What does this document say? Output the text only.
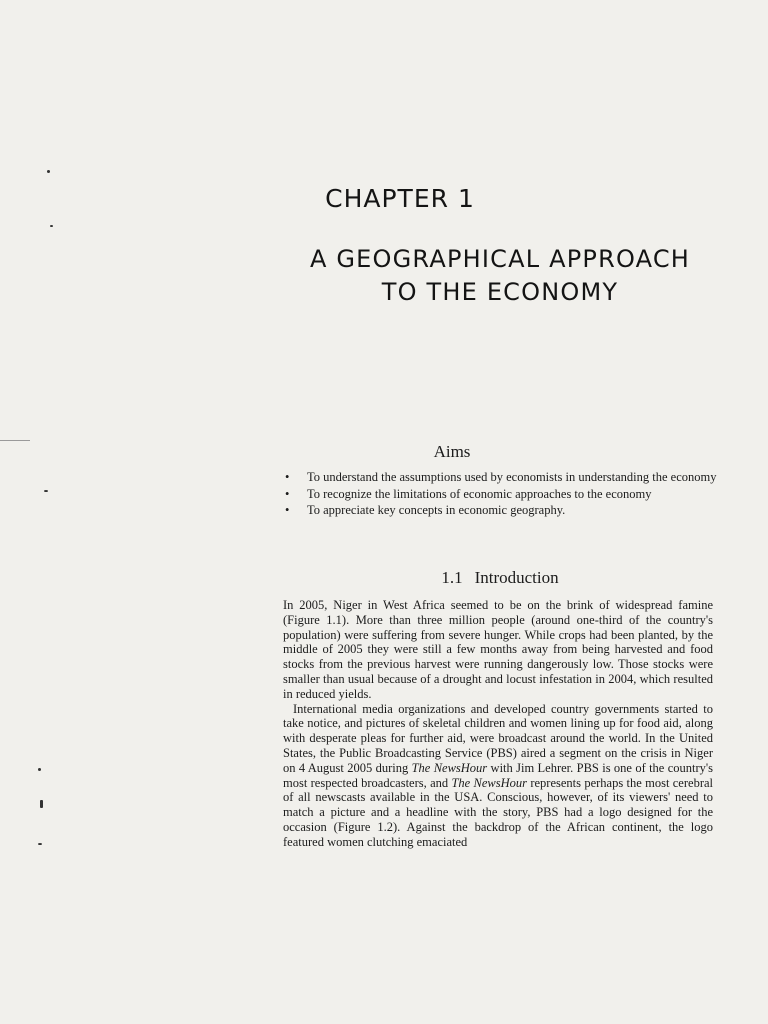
CHAPTER 1
A GEOGRAPHICAL APPROACH
TO THE ECONOMY
Aims
• To understand the assumptions used by economists in understanding the economy
• To recognize the limitations of economic approaches to the economy
• To appreciate key concepts in economic geography.
1.1 Introduction

In 2005, Niger in West Africa seemed to be on the brink of widespread famine (Figure 1.1). More than three million people (around one-third of the country's population) were suffering from severe hunger. While crops had been planted, by the middle of 2005 they were still a few months away from being harvested and food stocks from the previous harvest were running dangerously low. Those stocks were smaller than usual because of a drought and locust infestation in 2004, which resulted in reduced yields.

International media organizations and developed country governments started to take notice, and pictures of skeletal children and women lining up for food aid, along with desperate pleas for further aid, were broadcast around the world. In the United States, the Public Broadcasting Service (PBS) aired a segment on the crisis in Niger on 4 August 2005 during The NewsHour with Jim Lehrer. PBS is one of the country's most respected broadcasters, and The NewsHour represents perhaps the most cerebral of all newscasts available in the USA. Conscious, however, of its viewers' need to match a picture and a headline with the story, PBS had a logo designed for the occasion (Figure 1.2). Against the backdrop of the African continent, the logo featured women clutching emaciated
